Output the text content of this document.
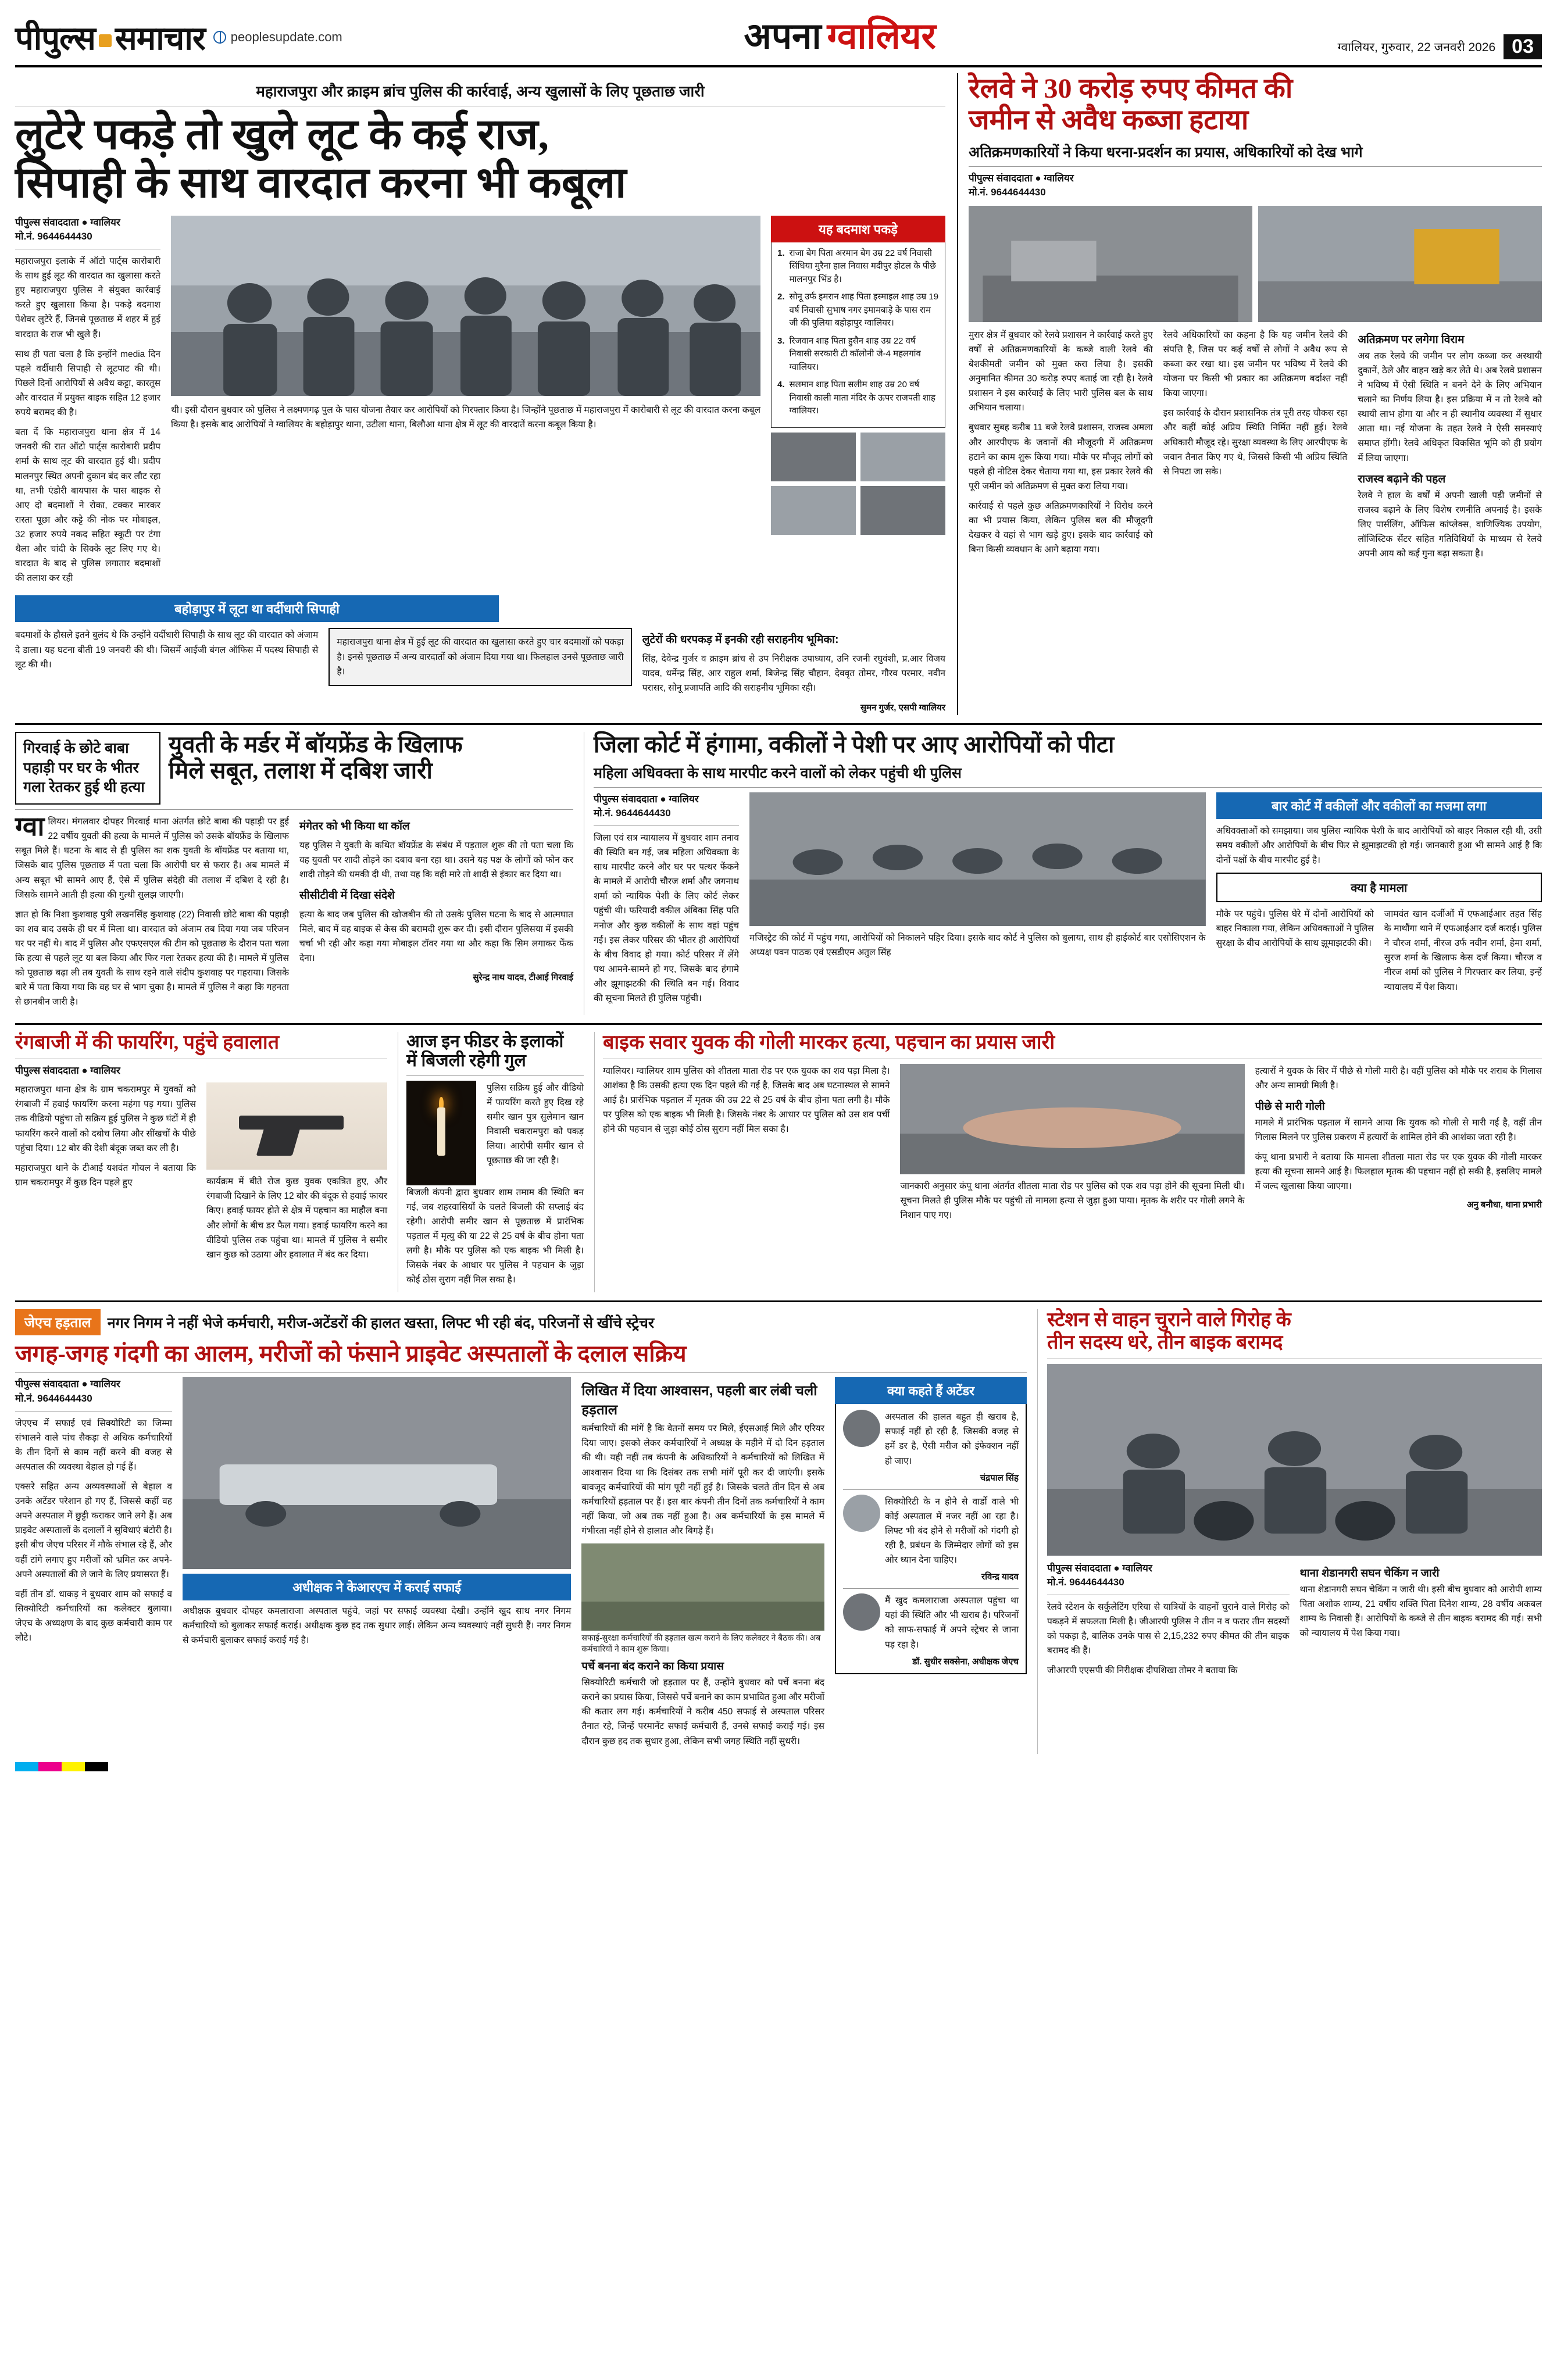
पीपुल्स समाचार peoplesupdate.com	अपना ग्वालियर	ग्वालियर, गुरुवार, 22 जनवरी 2026 03
महाराजपुरा और क्राइम ब्रांच पुलिस की कार्रवाई, अन्य खुलासों के लिए पूछताछ जारी
लुटेरे पकड़े तो खुले लूट के कई राज,
सिपाही के साथ वारदात करना भी कबूला
पीपुल्स संवाददाता ● ग्वालियर
मो.नं. 9644644430

महाराजपुरा इलाके में ऑटो पार्ट्स कारोबारी के साथ हुई लूट की वारदात का खुलासा करते हुए महाराजपुरा पुलिस ने संयुक्त कार्रवाई करते हुए खुलासा किया है। पकड़े बदमाश पेशेवर लुटेरे हैं, जिनसे पूछताछ में शहर में हुई वारदात के राज भी खुले हैं।

साथ ही पता चला है कि इन्होंने media दिन पहले वर्दीधारी सिपाही से लूटपाट की थी। पिछले दिनों आरोपियों से अवैध कट्टा, कारतूस और वारदात में प्रयुक्त बाइक सहित 12 हजार रुपये बरामद की है।

बता दें कि महाराजपुरा थाना क्षेत्र में 14 जनवरी की रात ऑटो पार्ट्स कारोबारी प्रदीप शर्मा के साथ लूट की वारदात हुई थी। प्रदीप मालनपुर स्थित अपनी दुकान बंद कर लौट रहा था, तभी एंडोरी बायपास के पास बाइक से आए दो बदमाशों ने रोका, टक्कर मारकर रास्ता पूछा और कट्टे की नोक पर मोबाइल, 32 हजार रुपये नकद सहित स्कूटी पर टंगा थैला और चांदी के सिक्के लूट लिए गए थे। वारदात के बाद से पुलिस लगातार बदमाशों की तलाश कर रही

थी। इसी दौरान बुधवार को पुलिस ने लक्ष्मणगढ़ पुल के पास योजना तैयार कर आरोपियों को गिरफ्तार किया है। जिन्होंने पूछताछ में महाराजपुरा में कारोबारी से लूट की वारदात करना कबूल किया है। इसके बाद आरोपियों ने ग्वालियर के बहोड़ापुर थाना, उटीला थाना, बिलौआ थाना क्षेत्र में लूट की वारदातें करना कबूल किया है।

यह बदमाश पकड़े
1. राजा बेग पिता अरमान बेग उम्र 22 वर्ष निवासी सिंधिया मुरैना हाल निवास मदीपुर होटल के पीछे मालनपुर भिंड है।
2. सोनू उर्फ इमरान शाह पिता इस्माइल शाह उम्र 19 वर्ष निवासी सुभाष नगर इमामबाड़े के पास राम जी की पुलिया बहोड़ापुर ग्वालियर।
3. रिजवान शाह पिता हुसैन शाह उम्र 22 वर्ष निवासी सरकारी टी कॉलोनी जे-4 महलगांव ग्वालियर।
4. सलमान शाह पिता सलीम शाह उम्र 20 वर्ष निवासी काली माता मंदिर के ऊपर राजपती शाह ग्वालियर।
बहोड़ापुर में लूटा था वर्दीधारी सिपाही

बदमाशों के हौसले इतने बुलंद थे कि उन्होंने वर्दीधारी सिपाही के साथ लूट की वारदात को अंजाम दे डाला। यह घटना बीती 19 जनवरी की थी। जिसमें आईजी बंगल ऑफिस में पदस्थ सिपाही से लूट की थी।

महाराजपुरा थाना क्षेत्र में हुई लूट की वारदात का खुलासा करते हुए चार बदमाशों को पकड़ा है। इनसे पूछताछ में अन्य वारदातों को अंजाम दिया गया था। फिलहाल उनसे पूछताछ जारी है।

लुटेरों की धरपकड़ में इनकी रही सराहनीय भूमिका:

सिंह, देवेन्द्र गुर्जर व क्राइम ब्रांच से उप निरीक्षक उपाध्याय, उनि रजनी रघुवंशी, प्र.आर विजय यादव, धर्मेन्द्र सिंह, आर राहुल शर्मा, बिजेन्द्र सिंह चौहान, देववृत तोमर, गौरव परमार, नवीन परासर, सोनू प्रजापति आदि की सराहनीय भूमिका रही।

सुमन गुर्जर, एसपी ग्वालियर
रेलवे ने 30 करोड़ रुपए कीमत की
जमीन से अवैध कब्जा हटाया
अतिक्रमणकारियों ने किया धरना-प्रदर्शन का प्रयास, अधिकारियों को देख भागे
पीपुल्स संवाददाता ● ग्वालियर
मो.नं. 9644644430

मुरार क्षेत्र में बुधवार को रेलवे प्रशासन ने कार्रवाई करते हुए वर्षों से अतिक्रमणकारियों के कब्जे वाली रेलवे की बेशकीमती जमीन को मुक्त करा लिया है। इसकी अनुमानित कीमत 30 करोड़ रुपए बताई जा रही है। रेलवे प्रशासन ने इस कार्रवाई के लिए भारी पुलिस बल के साथ अभियान चलाया।

बुधवार सुबह करीब 11 बजे रेलवे प्रशासन, राजस्व अमला और आरपीएफ के जवानों की मौजूदगी में अतिक्रमण हटाने का काम शुरू किया गया। मौके पर मौजूद लोगों को पहले ही नोटिस देकर चेताया गया था, इस प्रकार रेलवे की पूरी जमीन को अतिक्रमण से मुक्त करा लिया गया।

कार्रवाई से पहले कुछ अतिक्रमणकारियों ने विरोध करने का भी प्रयास किया, लेकिन पुलिस बल की मौजूदगी देखकर वे वहां से भाग खड़े हुए। इसके बाद कार्रवाई को बिना किसी व्यवधान के आगे बढ़ाया गया।

रेलवे अधिकारियों का कहना है कि यह जमीन रेलवे की संपत्ति है, जिस पर कई वर्षों से लोगों ने अवैध रूप से कब्जा कर रखा था। इस जमीन पर भविष्य में रेलवे की योजना पर किसी भी प्रकार का अतिक्रमण बर्दाश्त नहीं किया जाएगा।

इस कार्रवाई के दौरान प्रशासनिक तंत्र पूरी तरह चौकस रहा और कहीं कोई अप्रिय स्थिति निर्मित नहीं हुई। रेलवे अधिकारी मौजूद रहे। सुरक्षा व्यवस्था के लिए आरपीएफ के जवान तैनात किए गए थे, जिससे किसी भी अप्रिय स्थिति से निपटा जा सके।

अतिक्रमण पर लगेगा विराम

अब तक रेलवे की जमीन पर लोग कब्जा कर अस्थायी दुकानें, ठेले और वाहन खड़े कर लेते थे। अब रेलवे प्रशासन ने भविष्य में ऐसी स्थिति न बनने देने के लिए अभियान चलाने का निर्णय लिया है। इस प्रक्रिया में न तो रेलवे को स्थायी लाभ होगा या और न ही स्थानीय व्यवस्था में सुधार आता था। नई योजना के तहत रेलवे ने ऐसी समस्याएं समाप्त होंगी। रेलवे अधिकृत विकसित भूमि को ही प्रयोग में लिया जाएगा।

राजस्व बढ़ाने की पहल

रेलवे ने हाल के वर्षों में अपनी खाली पड़ी जमीनों से राजस्व बढ़ाने के लिए विशेष रणनीति अपनाई है। इसके लिए पार्सलिंग, ऑफिस कांप्लेक्स, वाणिज्यिक उपयोग, लॉजिस्टिक सेंटर सहित गतिविधियों के माध्यम से रेलवे अपनी आय को कई गुना बढ़ा सकता है।

गिरवाई के छोटे बाबा पहाड़ी पर घर के भीतर गला रेतकर हुई थी हत्या
युवती के मर्डर में बॉयफ्रेंड के खिलाफ
मिले सबूत, तलाश में दबिश जारी

ग्वालियर। मंगलवार दोपहर गिरवाई थाना अंतर्गत छोटे बाबा की पहाड़ी पर हुई 22 वर्षीय युवती की हत्या के मामले में पुलिस को उसके बॉयफ्रेंड के खिलाफ सबूत मिले हैं। घटना के बाद से ही पुलिस का शक युवती के बॉयफ्रेंड पर बताया था, जिसके बाद पुलिस पूछताछ में पता चला कि आरोपी घर से फरार है। अब मामले में अन्य सबूत भी सामने आए हैं, ऐसे में पुलिस संदेही की तलाश में दबिश दे रही है। जिसके सामने आती ही हत्या की गुत्थी सुलझ जाएगी।

ज्ञात हो कि निशा कुशवाह पुत्री लखनसिंह कुशवाह (22) निवासी छोटे बाबा की पहाड़ी का शव बाद उसके ही घर में मिला था। वारदात को अंजाम तब दिया गया जब परिजन घर पर नहीं थे। बाद में पुलिस और एफएसएल की टीम को पूछताछ के दौरान पता चला कि हत्या से पहले लूट या बल किया और फिर गला रेतकर हत्या की है। मामले में पुलिस को पूछताछ बढ़ा ली तब युवती के साथ रहने वाले संदीप कुशवाह पर गहराया। जिसके बारे में पता किया गया कि वह घर से भाग चुका है। मामले में पुलिस ने कहा कि गहनता से छानबीन जारी है।

मंगेतर को भी किया था कॉल

यह पुलिस ने युवती के कथित बॉयफ्रेंड के संबंध में पड़ताल शुरू की तो पता चला कि वह युवती पर शादी तोड़ने का दबाव बना रहा था। उसने यह पक्ष के लोगों को फोन कर शादी तोड़ने की धमकी दी थी, तथा यह कि वही मारे तो शादी से इंकार कर दिया था।

सीसीटीवी में दिखा संदेशे

हत्या के बाद जब पुलिस की खोजबीन की तो उसके पुलिस घटना के बाद से आत्मघात मिले, बाद में वह बाइक से केस की बरामदी शुरू कर दी। इसी दौरान पुलिसया में इसकी चर्चा भी रही और कहा गया मोबाइल टॉवर गया था और कहा कि सिम लगाकर फेंक देना।

सुरेन्द्र नाथ यादव, टीआई गिरवाई
जिला कोर्ट में हंगामा, वकीलों ने पेशी पर आए आरोपियों को पीटा
महिला अधिवक्ता के साथ मारपीट करने वालों को लेकर पहुंची थी पुलिस
पीपुल्स संवाददाता ● ग्वालियर
मो.नं. 9644644430

जिला एवं सत्र न्यायालय में बुधवार शाम तनाव की स्थिति बन गई, जब महिला अधिवक्ता के साथ मारपीट करने और घर पर पत्थर फेंकने के मामले में आरोपी चौरज शर्मा और जगनाथ शर्मा को न्यायिक पेशी के लिए कोर्ट लेकर पहुंची थी। फरियादी वकील अंबिका सिंह पति मनोज और कुछ वकीलों के साथ वहां पहुंच गई। इस लेकर परिसर की भीतर ही आरोपियों के बीच विवाद हो गया। कोर्ट परिसर में लेंगे पथ आमने-सामने हो गए, जिसके बाद हंगामे और झूमाझटकी की स्थिति बन गई। विवाद की सूचना मिलते ही पुलिस पहुंची।

मजिस्ट्रेट की कोर्ट में पहुंच गया, आरोपियों को निकालने पहिर दिया। इसके बाद कोर्ट ने पुलिस को बुलाया, साथ ही हाईकोर्ट बार एसोसिएशन के अध्यक्ष पवन पाठक एवं एसडीएम अतुल सिंह

बार कोर्ट में वकीलों और वकीलों का मजमा लगा

अधिवक्ताओं को समझाया। जब पुलिस न्यायिक पेशी के बाद आरोपियों को बाहर निकाल रही थी, उसी समय वकीलों और आरोपियों के बीच फिर से झूमाझटकी हो गई। जानकारी हुआ भी सामने आई है कि दोनों पक्षों के बीच मारपीट हुई है।

क्या है मामला

मौके पर पहुंचे। पुलिस घेरे में दोनों आरोपियों को बाहर निकाला गया, लेकिन अधिवक्ताओं ने पुलिस सुरक्षा के बीच आरोपियों के साथ झूमाझटकी की।

जामवंत खान दर्जीओं में एफआईआर तहत सिंह के माथौंगा थाने में एफआईआर दर्ज कराई। पुलिस ने चौरज शर्मा, नीरज उर्फ नवीन शर्मा, हेमा शर्मा, सुरज शर्मा के खिलाफ केस दर्ज किया। चौरज व नीरज शर्मा को पुलिस ने गिरफ्तार कर लिया, इन्हें न्यायालय में पेश किया।

रंगबाजी में की फायरिंग, पहुंचे हवालात
पीपुल्स संवाददाता ● ग्वालियर

महाराजपुरा थाना क्षेत्र के ग्राम चकरामपुर में युवकों को रंगबाजी में हवाई फायरिंग करना महंगा पड़ गया। पुलिस तक वीडियो पहुंचा तो सक्रिय हुई पुलिस ने कुछ घंटों में ही फायरिंग करने वालों को दबोच लिया और सींखचों के पीछे पहुंचा दिया। 12 बोर की देशी बंदूक जब्त कर ली है।

महाराजपुरा थाने के टीआई यशवंत गोयल ने बताया कि ग्राम चकरामपुर में कुछ दिन पहले हुए	कार्यक्रम में बीते रोज कुछ युवक एकत्रित हुए, और रंगबाजी दिखाने के लिए 12 बोर की बंदूक से हवाई फायर किए। हवाई फायर होते से क्षेत्र में पहचान का माहौल बना और लोगों के बीच डर फैल गया। हवाई फायरिंग करने का वीडियो पुलिस तक पहुंचा था। मामले में पुलिस ने समीर खान कुछ को उठाया और हवालात में बंद कर दिया।

आज इन फीडर के इलाकों
में बिजली रहेगी गुल

पुलिस सक्रिय हुई और वीडियो में फायरिंग करते हुए दिख रहे समीर खान पुत्र सुलेमान खान निवासी चकरामपुरा को पकड़ लिया। आरोपी समीर खान से पूछताछ की जा रही है।

बिजली कंपनी द्वारा बुधवार शाम तमाम की स्थिति बन गई, जब शहरवासियों के चलते बिजली की सप्लाई बंद रहेगी। आरोपी समीर खान से पूछताछ में प्रारंभिक पड़ताल में मृत्यु की या 22 से 25 वर्ष के बीच होना पता लगी है। मौके पर पुलिस को एक बाइक भी मिली है। जिसके नंबर के आधार पर पुलिस ने पहचान के जुड़ा कोई ठोस सुराग नहीं मिल सका है।

बाइक सवार युवक की गोली मारकर हत्या, पहचान का प्रयास जारी

ग्वालियर। ग्वालियर शाम पुलिस को शीतला माता रोड पर एक युवक का शव पड़ा मिला है। आशंका है कि उसकी हत्या एक दिन पहले की गई है, जिसके बाद अब घटनास्थल से सामने आई है। प्रारंभिक पड़ताल में मृतक की उम्र 22 से 25 वर्ष के बीच होना पता लगी है। मौके पर पुलिस को एक बाइक भी मिली है। जिसके नंबर के आधार पर पुलिस को उस शव पर्ची होने की पहचान से जुड़ा कोई ठोस सुराग नहीं मिल सका है।

जानकारी अनुसार कंपू थाना अंतर्गत शीतला माता रोड पर पुलिस को एक शव पड़ा होने की सूचना मिली थी। सूचना मिलते ही पुलिस मौके पर पहुंची तो मामला हत्या से जुड़ा हुआ पाया। मृतक के शरीर पर गोली लगने के निशान पाए गए।

हत्यारों ने युवक के सिर में पीछे से गोली मारी है। वहीं पुलिस को मौके पर शराब के गिलास और अन्य सामग्री मिली है।

पीछे से मारी गोली

मामले में प्रारंभिक पड़ताल में सामने आया कि युवक को गोली से मारी गई है, वहीं तीन गिलास मिलने पर पुलिस प्रकरण में हत्यारों के शामिल होने की आशंका जता रही है।

कंपू थाना प्रभारी ने बताया कि मामला शीतला माता रोड पर एक युवक की गोली मारकर हत्या की सूचना सामने आई है। फिलहाल मृतक की पहचान नहीं हो सकी है, इसलिए मामले में जल्द खुलासा किया जाएगा।

अनु बनौधा, थाना प्रभारी
जेएच हड़ताल	नगर निगम ने नहीं भेजे कर्मचारी, मरीज-अटेंडरों की हालत खस्ता, लिफ्ट भी रही बंद, परिजनों से खींचे स्ट्रेचर
जगह-जगह गंदगी का आलम, मरीजों को फंसाने प्राइवेट अस्पतालों के दलाल सक्रिय
पीपुल्स संवाददाता ● ग्वालियर
मो.नं. 9644644430

जेएएच में सफाई एवं सिक्योरिटी का जिम्मा संभालने वाले पांच सैकड़ा से अधिक कर्मचारियों के तीन दिनों से काम नहीं करने की वजह से अस्पताल की व्यवस्था बेहाल हो गई हैं।

एक्सरे सहित अन्य अव्यवस्थाओं से बेहाल व उनके अटेंडर परेशान हो गए हैं, जिससे कहीं वह अपने अस्पताल में छुट्टी कराकर जाने लगे हैं। अब प्राइवेट अस्पतालों के दलालों ने सुविधाएं बंटोरी है। इसी बीच जेएच परिसर में मौके संभाल रहे हैं, और वहीं टांगे लगाए हुए मरीजों को भ्रमित कर अपने-अपने अस्पतालों की ले जाने के लिए प्रयासरत हैं।

वहीं तीन डॉ. धाकड़ ने बुधवार शाम को सफाई व सिक्योरिटी कर्मचारियों का कलेक्टर बुलाया। जेएच के अध्यक्षण के बाद कुछ कर्मचारी काम पर लौटे।

अधीक्षक ने केआरएच में कराई सफाई

अधीक्षक बुधवार दोपहर कमलाराजा अस्पताल पहुंचे, जहां पर सफाई व्यवस्था देखी। उन्होंने खुद साथ नगर निगम कर्मचारियों को बुलाकर सफाई कराई। अधीक्षक कुछ हद तक सुधार लाई। लेकिन अन्य व्यवस्थाएं नहीं सुधरी हैं। नगर निगम से कर्मचारी बुलाकर सफाई कराई गई है।

लिखित में दिया आश्वासन, पहली बार लंबी चली हड़ताल

कर्मचारियों की मांगें है कि वेतनों समय पर मिले, ईएसआई मिले और एरियर दिया जाए। इसको लेकर कर्मचारियों ने अध्यक्ष के महीने में दो दिन हड़ताल की थी। यही नहीं तब कंपनी के अधिकारियों ने कर्मचारियों को लिखित में आश्वासन दिया था कि दिसंबर तक सभी मांगें पूरी कर दी जाएंगी। इसके बावजूद कर्मचारियों की मांग पूरी नहीं हुई है। जिसके चलते तीन दिन से अब कर्मचारियों हड़ताल पर हैं। इस बार कंपनी तीन दिनों तक कर्मचारियों ने काम नहीं किया, जो अब तक नहीं हुआ है। अब कर्मचारियों के इस मामले में गंभीरता नहीं होने से हालात और बिगड़े हैं।

सफाई-सुरक्षा कर्मचारियों की हड़ताल खत्म कराने के लिए कलेक्टर ने बैठक की। अब कर्मचारियों ने काम शुरू किया।
पर्चे बनना बंद कराने का किया प्रयास

सिक्योरिटी कर्मचारी जो हड़ताल पर हैं, उन्होंने बुधवार को पर्चे बनना बंद कराने का प्रयास किया, जिससे पर्चे बनाने का काम प्रभावित हुआ और मरीजों की कतार लग गई। कर्मचारियों ने करीब 450 सफाई से अस्पताल परिसर तैनात रहे, जिन्हें परमानेंट सफाई कर्मचारी हैं, उनसे सफाई कराई गई। इस दौरान कुछ हद तक सुधार हुआ, लेकिन सभी जगह स्थिति नहीं सुधरी।

क्या कहते हैं अटेंडर
अस्पताल की हालत बहुत ही खराब है, सफाई नहीं हो रही है, जिसकी वजह से हमें डर है, ऐसी मरीज को इंफेक्शन नहीं हो जाए।
चंद्रपाल सिंह
सिक्योरिटी के न होने से वार्डों वाले भी कोई अस्पताल में नजर नहीं आ रहा है। लिफ्ट भी बंद होने से मरीजों को गंदगी हो रही है, प्रबंधन के जिम्मेदार लोगों को इस ओर ध्यान देना चाहिए।
रविन्द्र यादव
मैं खुद कमलाराजा अस्पताल पहुंचा था यहां की स्थिति और भी खराब है। परिजनों को साफ-सफाई में अपने स्ट्रेचर से जाना पड़ रहा है।
डॉ. सुधीर सक्सेना, अधीक्षक जेएच
स्टेशन से वाहन चुराने वाले गिरोह के
तीन सदस्य धरे, तीन बाइक बरामद
पीपुल्स संवाददाता ● ग्वालियर
मो.नं. 9644644430

रेलवे स्टेशन के सर्कुलेटिंग एरिया से यात्रियों के वाहनों चुराने वाले गिरोह को पकड़ने में सफलता मिली है। जीआरपी पुलिस ने तीन न व फरार तीन सदस्यों को पकड़ा है, बालिक उनके पास से 2,15,232 रुपए कीमत की तीन बाइक बरामद की हैं।

जीआरपी एएसपी की निरीक्षक दीपशिखा तोमर ने बताया कि

थाना शेडानगरी सघन चेकिंग न जारी

थाना शेडानगरी सघन चेकिंग न जारी थी। इसी बीच बुधवार को आरोपी शाम्य पिता अशोक शाम्य, 21 वर्षीय शक्ति पिता दिनेश शाम्य, 28 वर्षीय अकबल शाम्य के निवासी हैं। आरोपियों के कब्जे से तीन बाइक बरामद की गई। सभी को न्यायालय में पेश किया गया।
